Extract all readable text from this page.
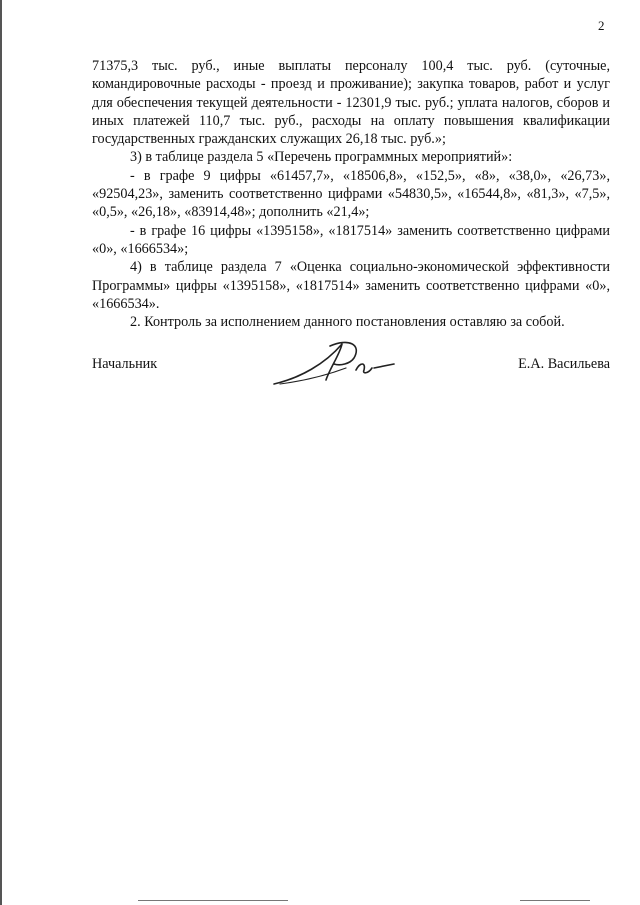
2

71375,3 тыс. руб., иные выплаты персоналу 100,4 тыс. руб. (суточные, командировочные расходы - проезд и проживание); закупка товаров, работ и услуг для обеспечения текущей деятельности - 12301,9 тыс. руб.; уплата налогов, сборов и иных платежей 110,7 тыс. руб., расходы на оплату повышения квалификации государственных гражданских служащих 26,18 тыс. руб.»;

3) в таблице раздела 5 «Перечень программных мероприятий»:

- в графе 9 цифры «61457,7», «18506,8», «152,5», «8», «38,0», «26,73», «92504,23», заменить соответственно цифрами «54830,5», «16544,8», «81,3», «7,5», «0,5», «26,18», «83914,48»; дополнить «21,4»;

- в графе 16 цифры «1395158», «1817514» заменить соответственно цифрами «0», «1666534»;

4) в таблице раздела 7 «Оценка социально-экономической эффективности Программы» цифры «1395158», «1817514» заменить соответственно цифрами «0», «1666534».

2. Контроль за исполнением данного постановления оставляю за собой.

Начальник	Е.А. Васильева
